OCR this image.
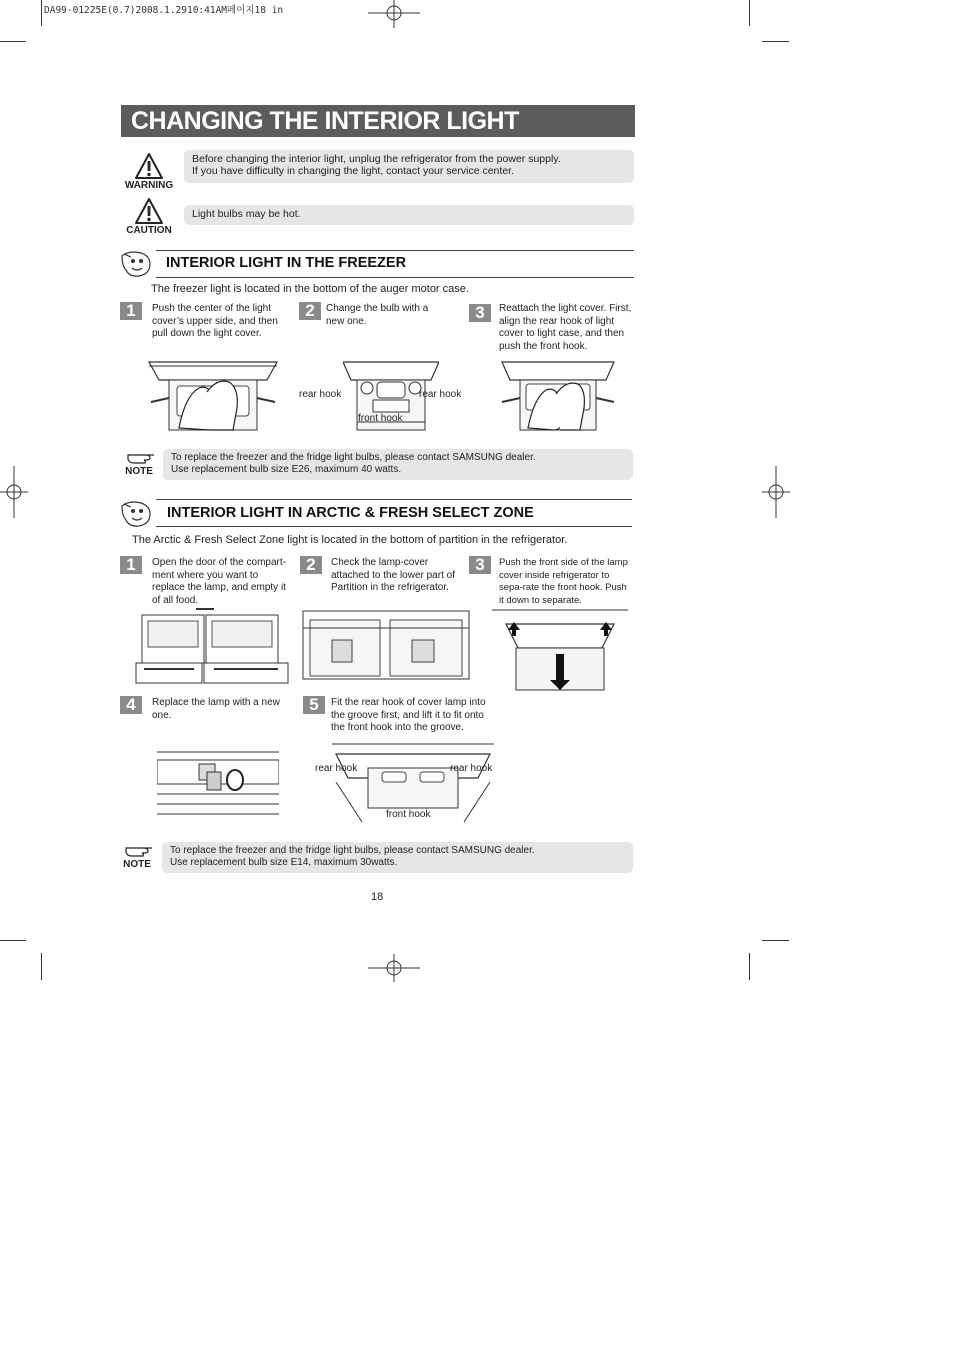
DA99-01225E(0.7)2008.1.2910:41AM페이지18 in
CHANGING THE INTERIOR LIGHT
WARNING
Before changing the interior light, unplug the refrigerator from the power supply.
If you have difficulty in changing the light, contact your service center.
CAUTION
Light bulbs may be hot.
INTERIOR LIGHT IN THE FREEZER
The freezer light is located in the bottom of the auger motor case.
1	Push the center of the light cover’s upper side, and then pull down the light cover.
2	Change the bulb with a new one.	3	Reattach the light cover. First, align the rear hook of light cover to light case, and then push the front hook.
rear hook	rear hook
front hook
NOTE
To replace the freezer and the fridge light bulbs, please contact SAMSUNG dealer.
Use replacement bulb size E26, maximum 40 watts.
INTERIOR LIGHT IN ARCTIC & FRESH SELECT ZONE
The Arctic & Fresh Select Zone light is located in the bottom of partition in the refrigerator.
1	Open the door of the compart-ment where you want to replace the lamp, and empty it of all food.
2	Check the lamp-cover attached to the lower part of Partition in the refrigerator.
3	Push the front side of the lamp cover inside refrigerator to sepa-rate the front hook. Push it down to separate.
4	Replace the lamp with a new one.
5	Fit the rear hook of cover lamp into the groove first, and lift it to fit onto the front hook into the groove.
rear hook	rear hook
front hook
NOTE
To replace the freezer and the fridge light bulbs, please contact SAMSUNG dealer.
Use replacement bulb size E14, maximum 30watts.
18
